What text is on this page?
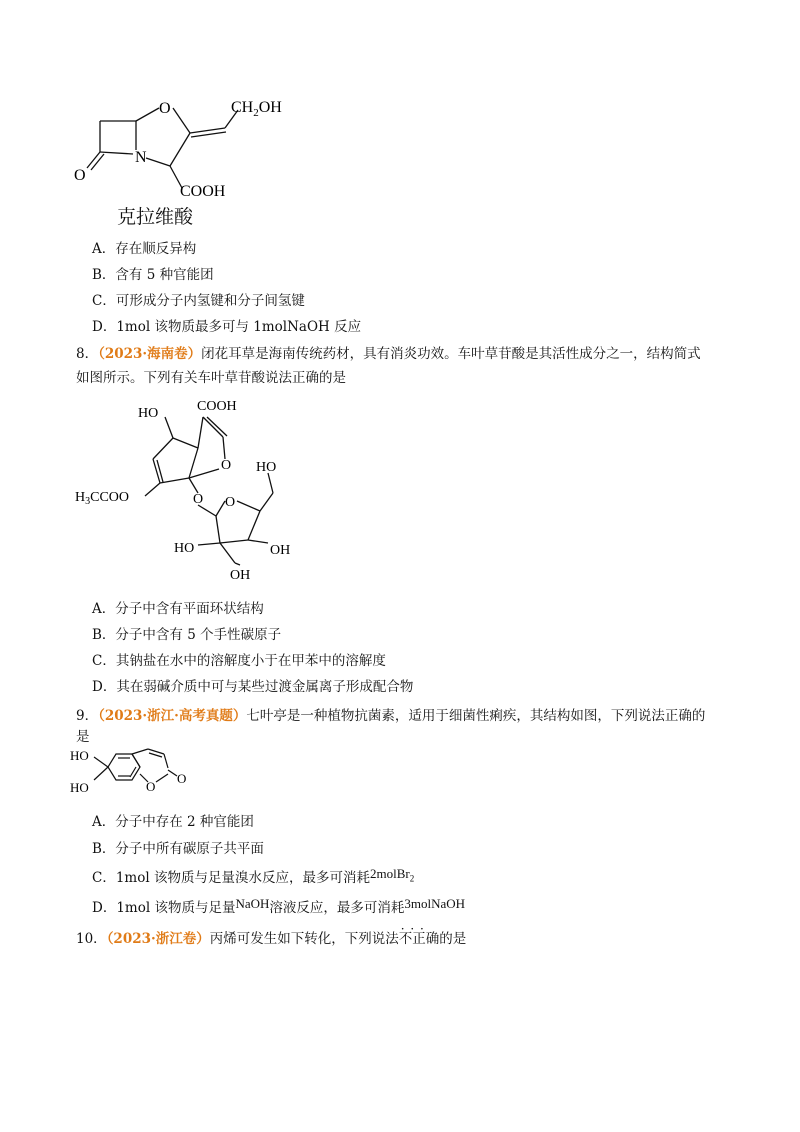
O	$CH_2OH$
O
N
COOH
克拉维酸
A．存在顺反异构
B．含有 5 种官能团
C．可形成分子内氢键和分子间氢键
D．1mol 该物质最多可与 1molNaOH 反应
8．（2023·海南卷）闭花耳草是海南传统药材，具有消炎功效。车叶草苷酸是其活性成分之一，结构简式
如图所示。下列有关车叶草苷酸说法正确的是
HO	COOH
O HO
$H_3CCOO$	O O
HO	OH
OH
A．分子中含有平面环状结构
B．分子中含有 5 个手性碳原子
C．其钠盐在水中的溶解度小于在甲苯中的溶解度
D．其在弱碱介质中可与某些过渡金属离子形成配合物
9．（2023·浙江·高考真题）七叶亭是一种植物抗菌素，适用于细菌性痢疾，其结构如图，下列说法正确的
是
HO
HO	O
O
A．分子中存在 2 种官能团
B．分子中所有碳原子共平面
C．1mol 该物质与足量溴水反应，最多可消耗2molBr$_2$
D．1mol 该物质与足量NaOH溶液反应，最多可消耗3molNaOH
10．（2023·浙江卷）丙烯可发生如下转化，下列说法不正确 · · ·的是
